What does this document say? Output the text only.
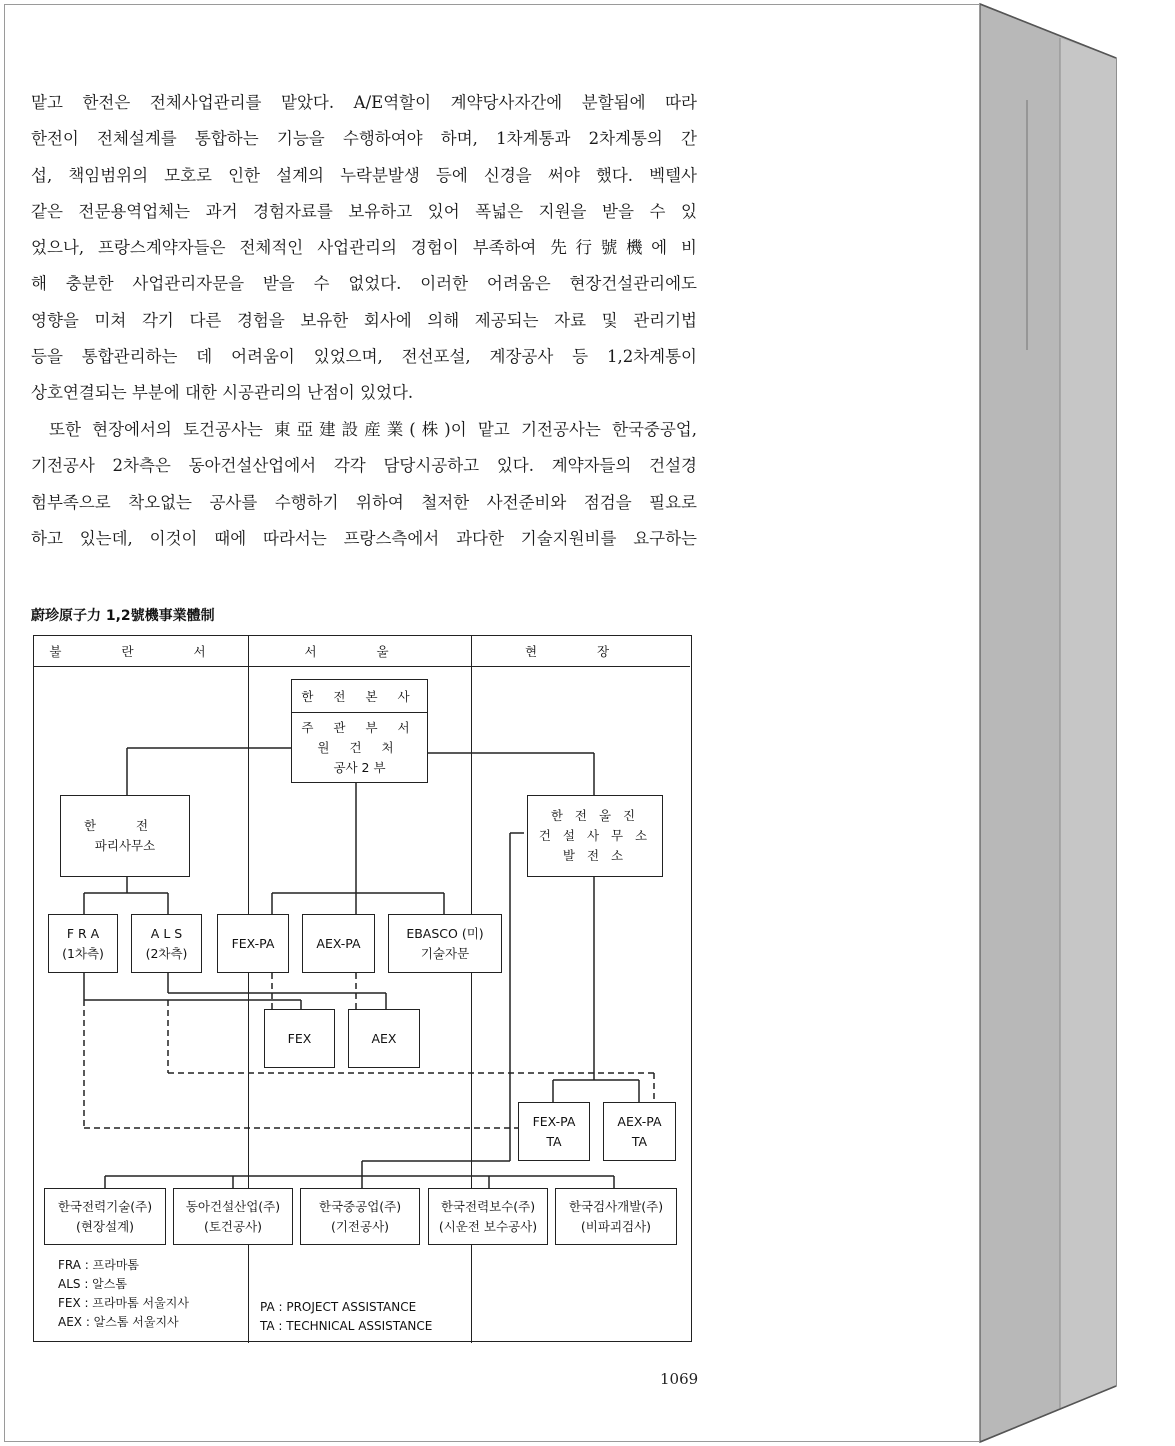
맡고 한전은 전체사업관리를 맡았다. A/E역할이 계약당사자간에 분할됨에 따라
한전이 전체설계를 통합하는 기능을 수행하여야 하며, 1차계통과 2차계통의 간
섭, 책임범위의 모호로 인한 설계의 누락분발생 등에 신경을 써야 했다. 벡텔사
같은 전문용역업체는 과거 경험자료를 보유하고 있어 폭넓은 지원을 받을 수 있
었으나, 프랑스계약자들은 전체적인 사업관리의 경험이 부족하여 先行號機에 비
해 충분한 사업관리자문을 받을 수 없었다. 이러한 어려움은 현장건설관리에도
영향을 미쳐 각기 다른 경험을 보유한 회사에 의해 제공되는 자료 및 관리기법
등을 통합관리하는 데 어려움이 있었으며, 전선포설, 계장공사 등 1,2차계통이
상호연결되는 부분에 대한 시공관리의 난점이 있었다.
또한 현장에서의 토건공사는 東亞建設産業(株)이 맡고 기전공사는 한국중공업,
기전공사 2차측은 동아건설산업에서 각각 담당시공하고 있다. 계약자들의 건설경
험부족으로 착오없는 공사를 수행하기 위하여 철저한 사전준비와 점검을 필요로
하고 있는데, 이것이 때에 따라서는 프랑스측에서 과다한 기술지원비를 요구하는
蔚珍原子力 1,2號機事業體制
불 란 서	서 울	현 장
한 전 본 사
주 관 부 서
원 건 처
공사 2 부
한 전
파리사무소
한 전 울 진
건 설 사 무 소
발 전 소
F R A
(1차측)
A L S
(2차측)
FEX-PA	AEX-PA
EBASCO (미)
기술자문
FEX	AEX
FEX-PA
TA
AEX-PA
TA
한국전력기술(주)
(현장설계)
동아건설산업(주)
(토건공사)
한국중공업(주)
(기전공사)
한국전력보수(주)
(시운전 보수공사)
한국검사개발(주)
(비파괴검사)
FRA : 프라마톰
ALS : 알스톰
FEX : 프라마톰 서울지사
AEX : 알스톰 서울지사
PA : PROJECT ASSISTANCE
TA : TECHNICAL ASSISTANCE
1069
